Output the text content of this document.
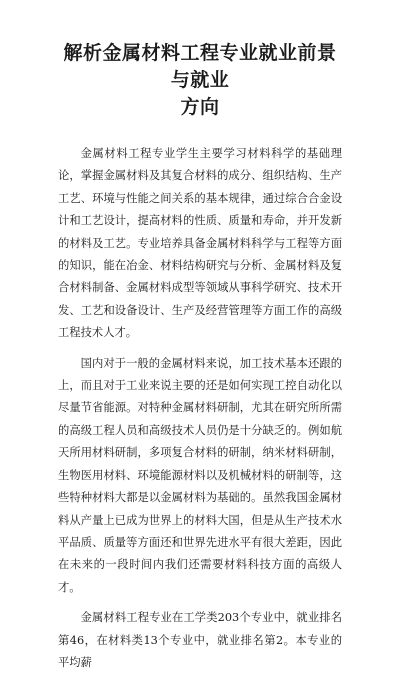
解析金属材料工程专业就业前景与就业
方向

金属材料工程专业学生主要学习材料科学的基础理论，掌握金属材料及其复合材料的成分、组织结构、生产工艺、环境与性能之间关系的基本规律，通过综合合金设计和工艺设计，提高材料的性质、质量和寿命，并开发新的材料及工艺。专业培养具备金属材料科学与工程等方面的知识，能在冶金、材料结构研究与分析、金属材料及复合材料制备、金属材料成型等领域从事科学研究、技术开发、工艺和设备设计、生产及经营管理等方面工作的高级工程技术人才。

国内对于一般的金属材料来说，加工技术基本还跟的上，而且对于工业来说主要的还是如何实现工控自动化以尽量节省能源。对特种金属材料研制，尤其在研究所所需的高级工程人员和高级技术人员仍是十分缺乏的。例如航天所用材料研制，多项复合材料的研制，纳米材料研制，生物医用材料、环境能源材料以及机械材料的研制等，这些特种材料大都是以金属材料为基础的。虽然我国金属材料从产量上已成为世界上的材料大国，但是从生产技术水平品质、质量等方面还和世界先进水平有很大差距，因此在未来的一段时间内我们还需要材料科技方面的高级人才。

金属材料工程专业在工学类203个专业中，就业排名第46，在材料类13个专业中，就业排名第2。本专业的平均薪
